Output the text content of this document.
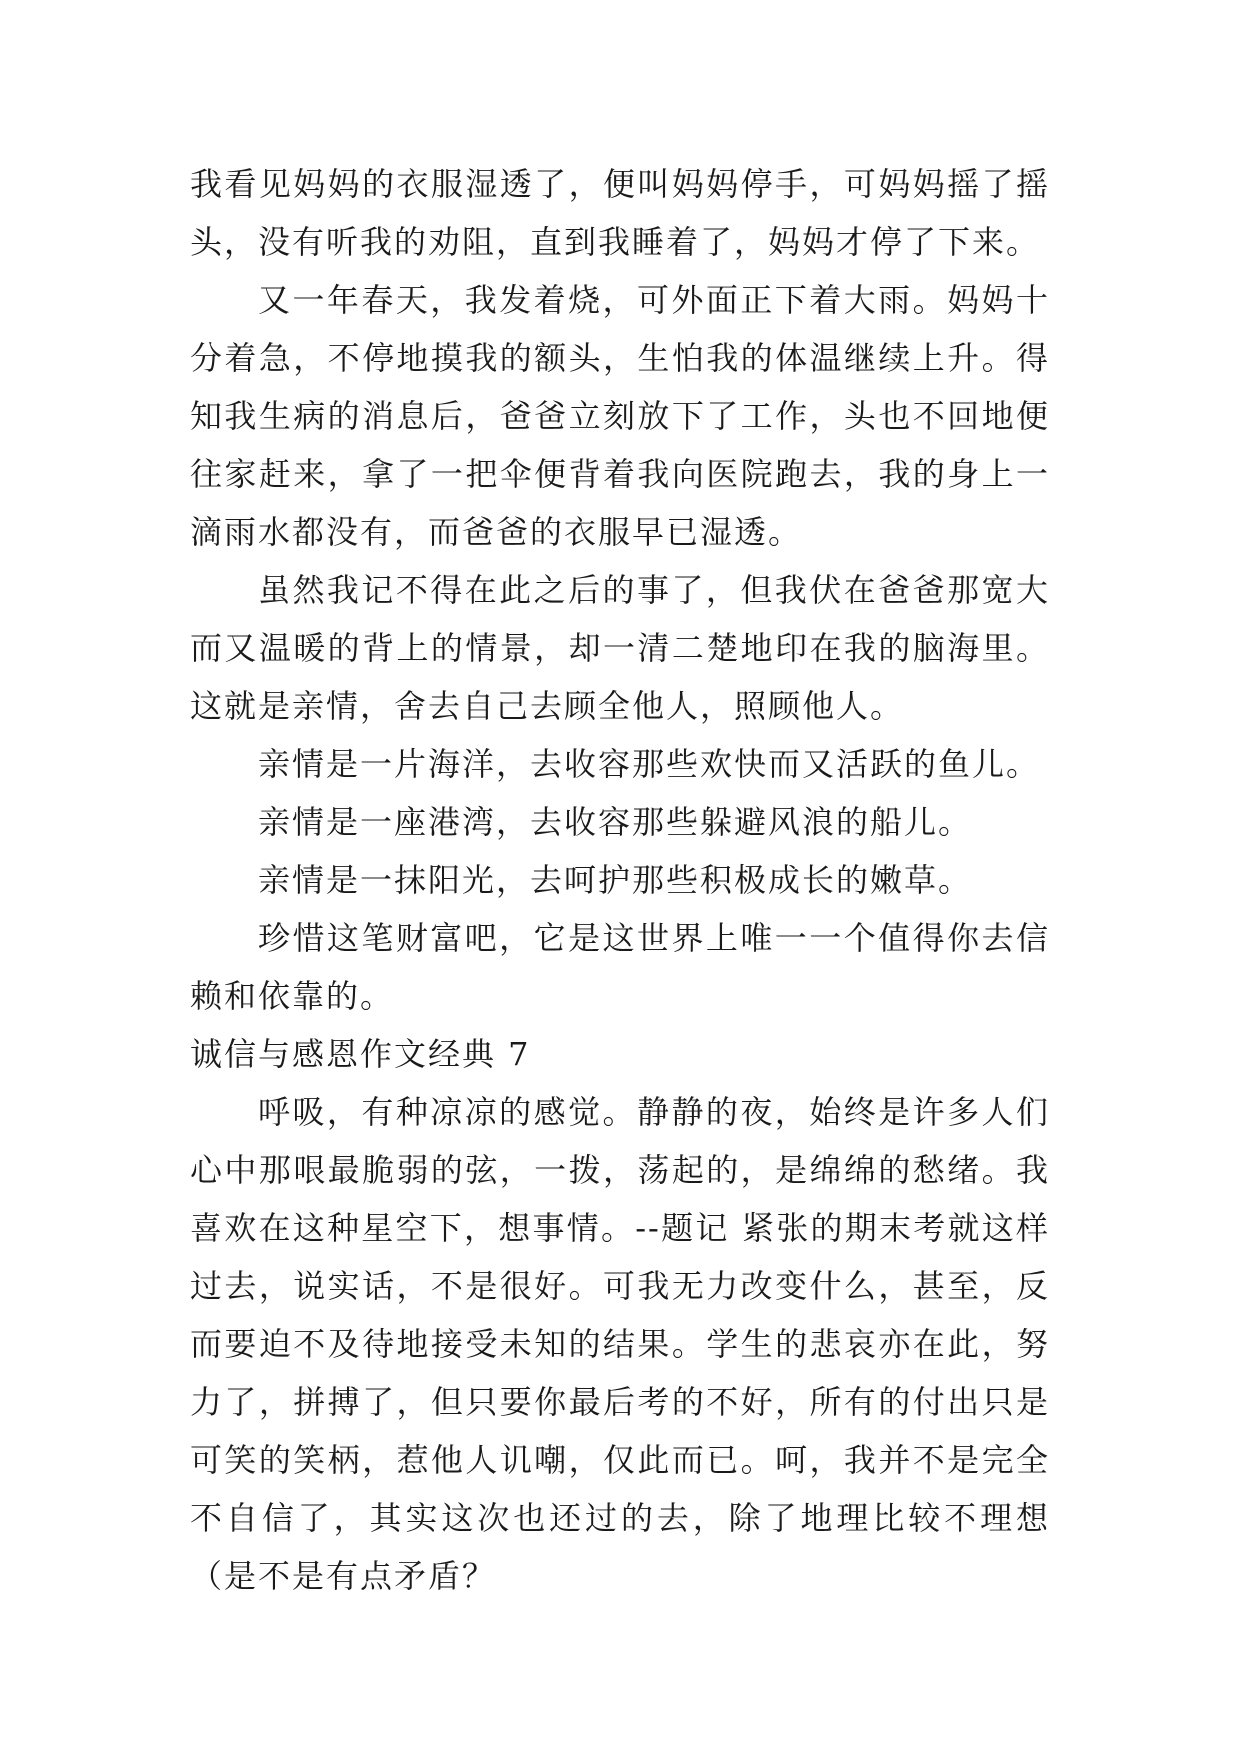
我看见妈妈的衣服湿透了，便叫妈妈停手，可妈妈摇了摇头，没有听我的劝阻，直到我睡着了，妈妈才停了下来。

又一年春天，我发着烧，可外面正下着大雨。妈妈十分着急，不停地摸我的额头，生怕我的体温继续上升。得知我生病的消息后，爸爸立刻放下了工作，头也不回地便往家赶来，拿了一把伞便背着我向医院跑去，我的身上一滴雨水都没有，而爸爸的衣服早已湿透。

虽然我记不得在此之后的事了，但我伏在爸爸那宽大而又温暖的背上的情景，却一清二楚地印在我的脑海里。这就是亲情，舍去自己去顾全他人，照顾他人。

亲情是一片海洋，去收容那些欢快而又活跃的鱼儿。

亲情是一座港湾，去收容那些躲避风浪的船儿。

亲情是一抹阳光，去呵护那些积极成长的嫩草。

珍惜这笔财富吧，它是这世界上唯一一个值得你去信赖和依靠的。

诚信与感恩作文经典 7

呼吸，有种凉凉的感觉。静静的夜，始终是许多人们心中那哏最脆弱的弦，一拨，荡起的，是绵绵的愁绪。我喜欢在这种星空下，想事情。--题记 紧张的期末考就这样过去，说实话，不是很好。可我无力改变什么，甚至，反而要迫不及待地接受未知的结果。学生的悲哀亦在此，努力了，拼搏了，但只要你最后考的不好，所有的付出只是可笑的笑柄，惹他人讥嘲，仅此而已。呵，我并不是完全不自信了，其实这次也还过的去，除了地理比较不理想（是不是有点矛盾？
